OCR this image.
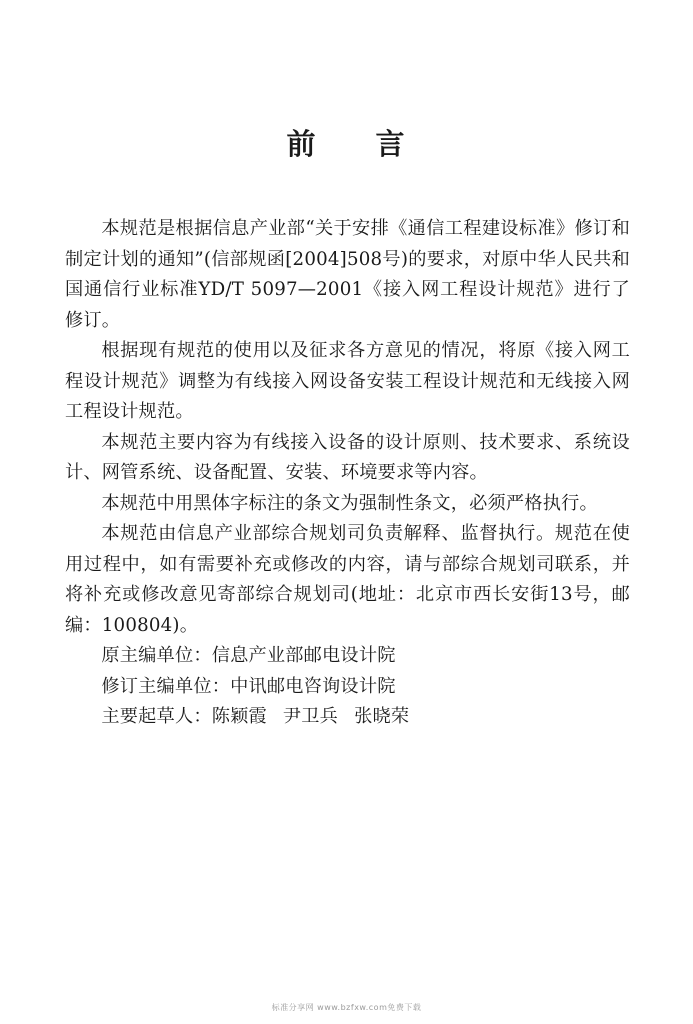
前 言

本规范是根据信息产业部“关于安排《通信工程建设标准》修订和制定计划的通知”(信部规函[2004]508号)的要求，对原中华人民共和国通信行业标准YD/T 5097—2001《接入网工程设计规范》进行了修订。

根据现有规范的使用以及征求各方意见的情况，将原《接入网工程设计规范》调整为有线接入网设备安装工程设计规范和无线接入网工程设计规范。

本规范主要内容为有线接入设备的设计原则、技术要求、系统设计、网管系统、设备配置、安装、环境要求等内容。

本规范中用黑体字标注的条文为强制性条文，必须严格执行。

本规范由信息产业部综合规划司负责解释、监督执行。规范在使用过程中，如有需要补充或修改的内容，请与部综合规划司联系，并将补充或修改意见寄部综合规划司(地址：北京市西长安街13号，邮编：100804)。

原主编单位：信息产业部邮电设计院

修订主编单位：中讯邮电咨询设计院

主要起草人：陈颖霞 尹卫兵 张晓荣

标准分享网 www.bzfxw.com免费下载
